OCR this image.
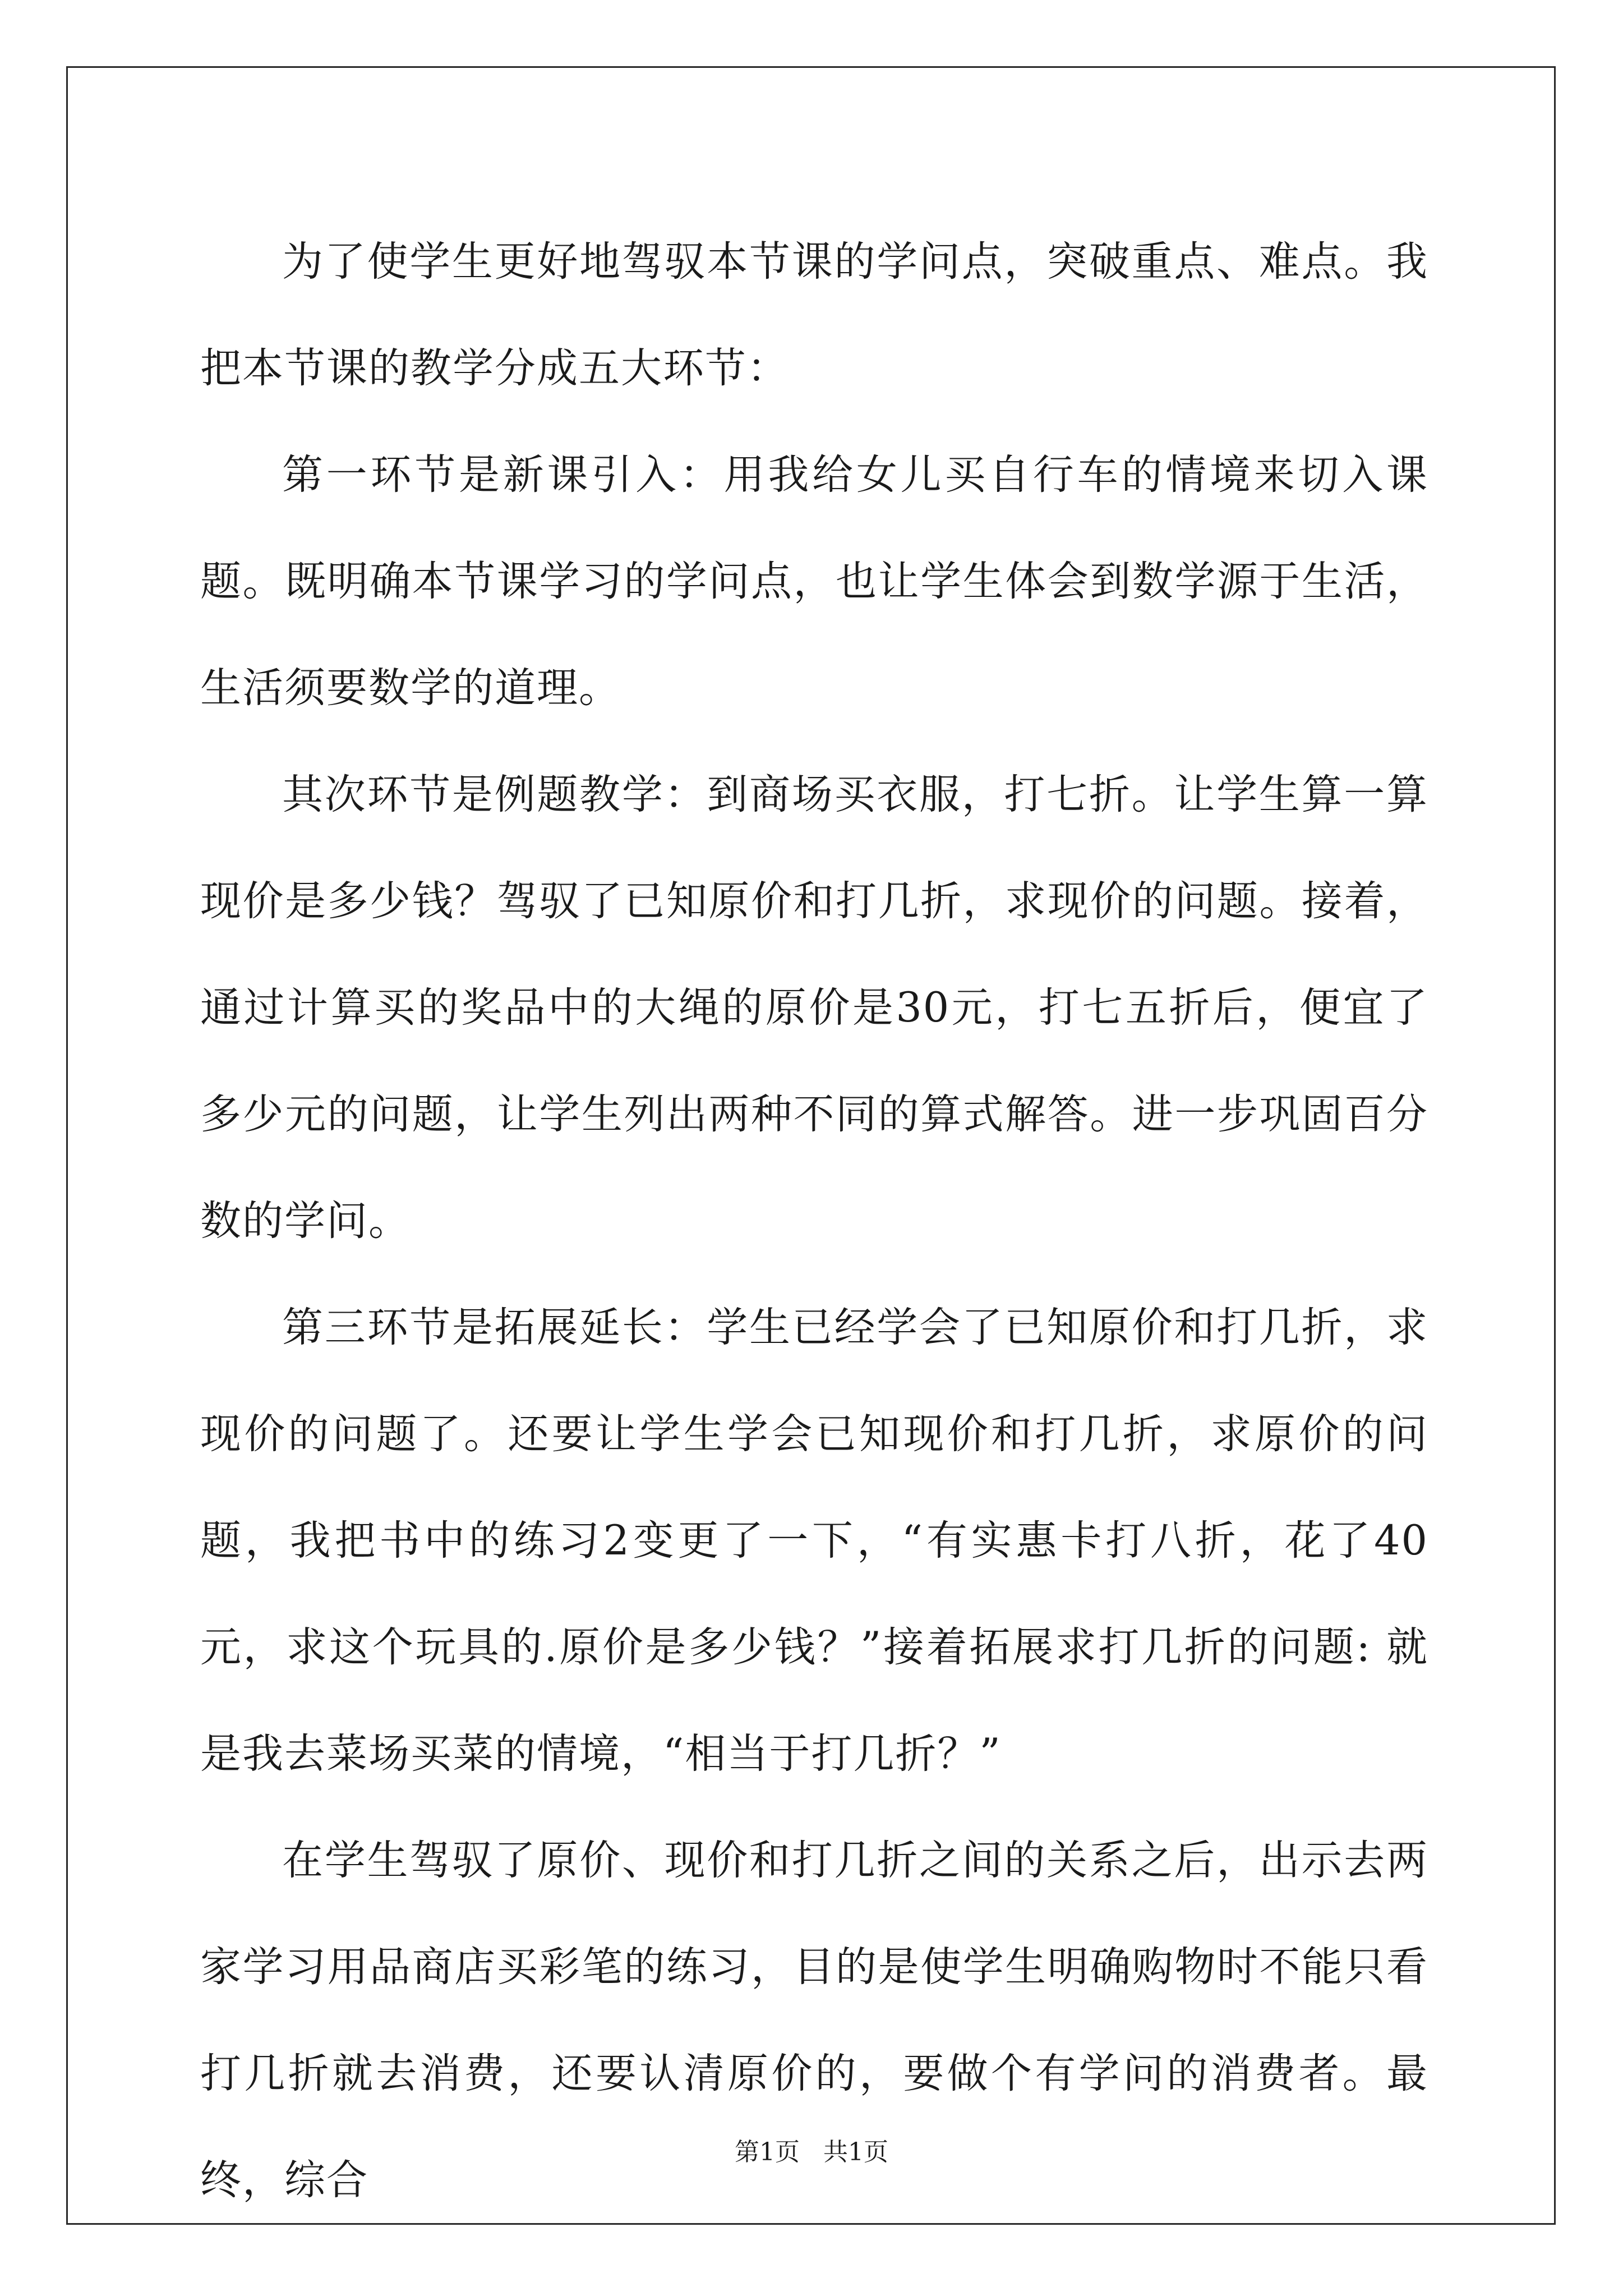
为了使学生更好地驾驭本节课的学问点，突破重点、难点。我把本节课的教学分成五大环节：

第一环节是新课引入：用我给女儿买自行车的情境来切入课题。既明确本节课学习的学问点，也让学生体会到数学源于生活，生活须要数学的道理。

其次环节是例题教学：到商场买衣服，打七折。让学生算一算现价是多少钱？驾驭了已知原价和打几折，求现价的问题。接着，通过计算买的奖品中的大绳的原价是30元，打七五折后，便宜了多少元的问题，让学生列出两种不同的算式解答。进一步巩固百分数的学问。

第三环节是拓展延长：学生已经学会了已知原价和打几折，求现价的问题了。还要让学生学会已知现价和打几折，求原价的问题，我把书中的练习2变更了一下，“有实惠卡打八折，花了40元，求这个玩具的.原价是多少钱？”接着拓展求打几折的问题: 就是我去菜场买菜的情境，“相当于打几折？”

在学生驾驭了原价、现价和打几折之间的关系之后，出示去两家学习用品商店买彩笔的练习，目的是使学生明确购物时不能只看打几折就去消费，还要认清原价的，要做个有学问的消费者。最终，综合

第1页   共1页
